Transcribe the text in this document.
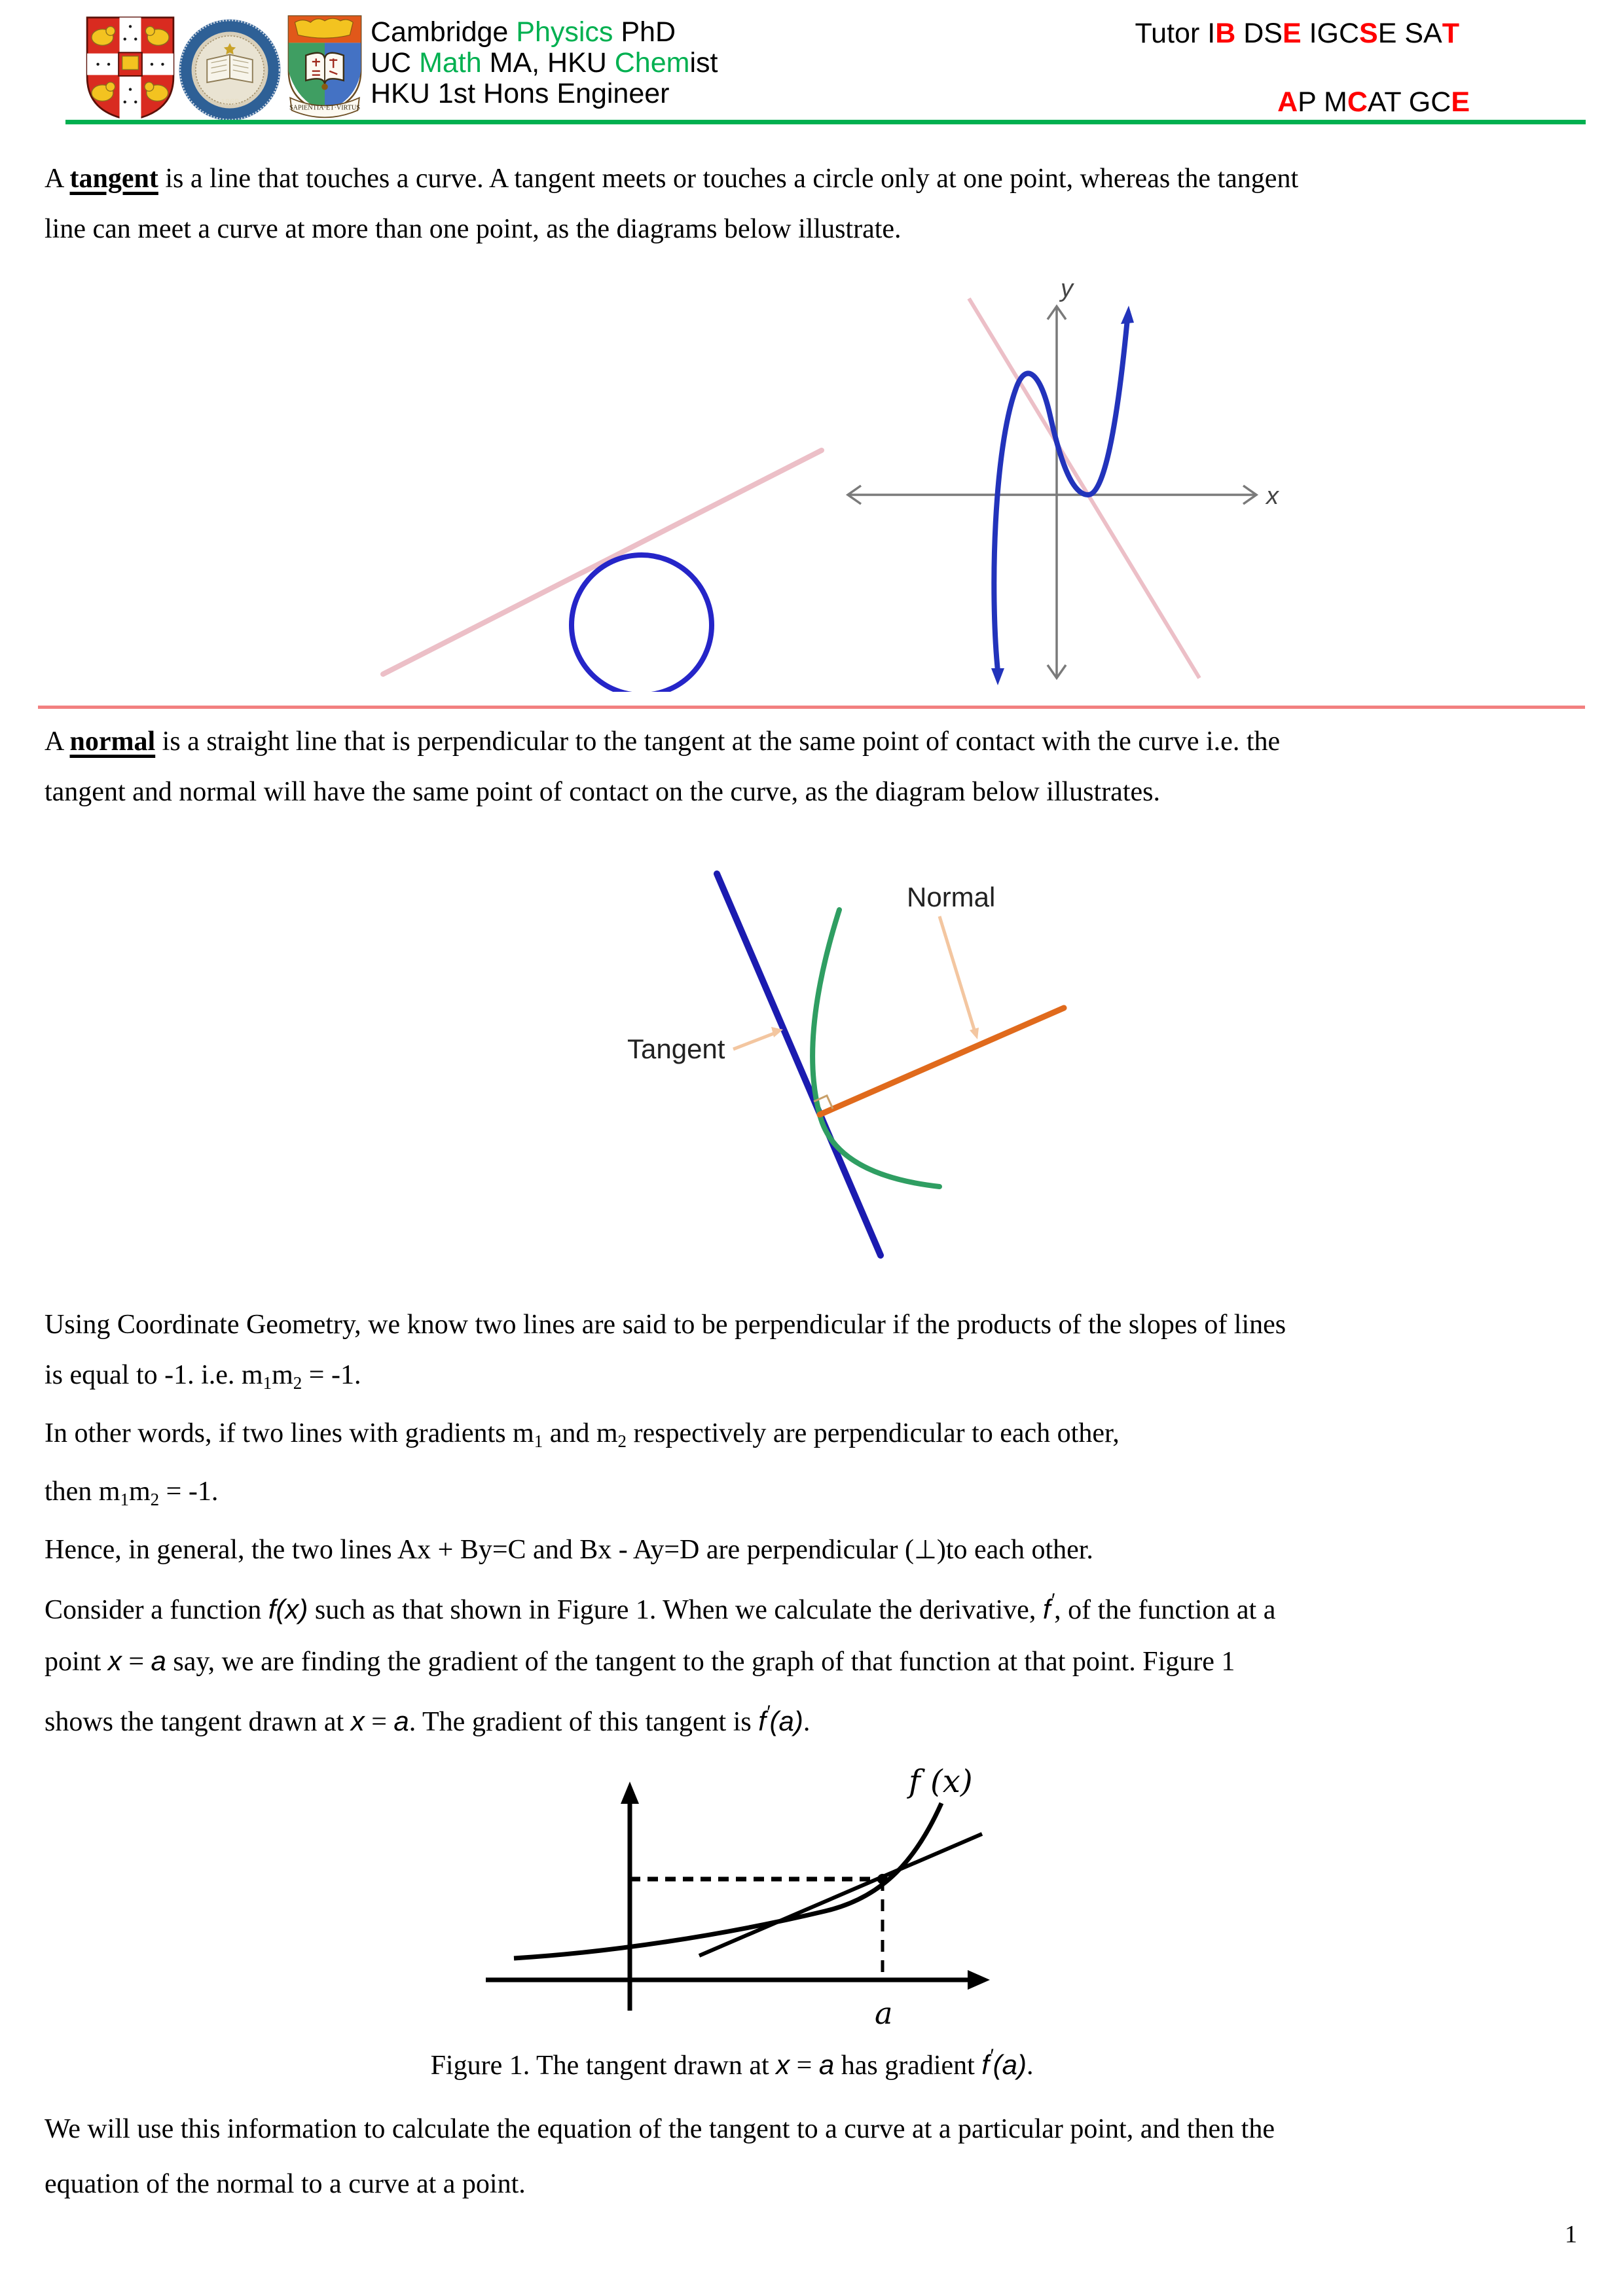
1868
SAPIENTIA·ET·VIRTUS
Cambridge Physics PhD
UC Math MA, HKU Chemist
HKU 1st Hons Engineer
Tutor IB DSE IGCSE SAT
AP MCAT GCE
A tangent is a line that touches a curve. A tangent meets or touches a circle only at one point, whereas the tangent
line can meet a curve at more than one point, as the diagrams below illustrate.
y
x
A normal is a straight line that is perpendicular to the tangent at the same point of contact with the curve i.e. the
tangent and normal will have the same point of contact on the curve, as the diagram below illustrates.
Tangent
Normal
Using Coordinate Geometry, we know two lines are said to be perpendicular if the products of the slopes of lines
is equal to -1. i.e. m1m2 = -1.
In other words, if two lines with gradients m1 and m2 respectively are perpendicular to each other,
then m1m2 = -1.
Hence, in general, the two lines Ax + By=C and Bx - Ay=D are perpendicular (⊥)to each other.
Consider a function f(x) such as that shown in Figure 1. When we calculate the derivative, f′, of the function at a
point x = a say, we are finding the gradient of the tangent to the graph of that function at that point. Figure 1
shows the tangent drawn at x = a. The gradient of this tangent is f′(a).
f (x)
a
Figure 1. The tangent drawn at x = a has gradient f′(a).
We will use this information to calculate the equation of the tangent to a curve at a particular point, and then the
equation of the normal to a curve at a point.
1
